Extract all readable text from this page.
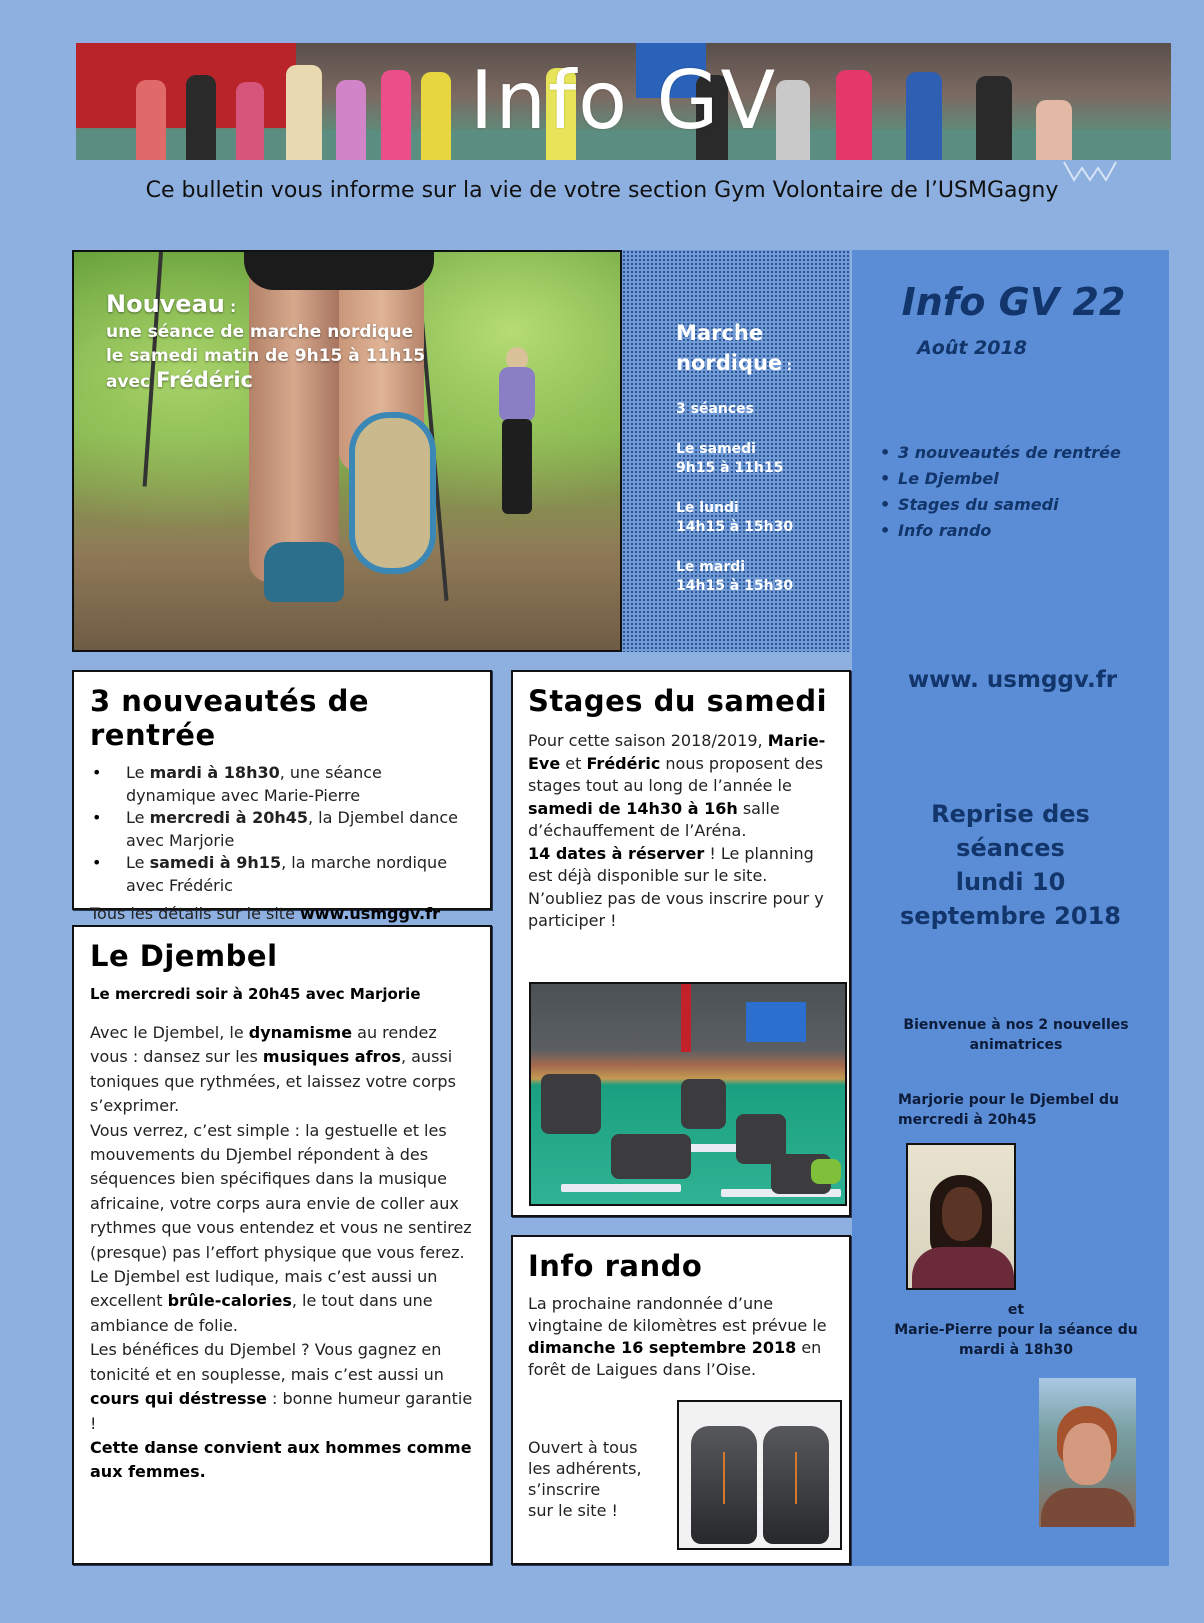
Info GV
Ce bulletin vous informe sur la vie de votre section Gym Volontaire de l’USMGagny
Nouveau :
une séance de marche nordique
le samedi matin de 9h15 à 11h15
avec Frédéric
Marche
nordique :
3 séances
Le samedi
9h15 à 11h15
Le lundi
14h15 à 15h30
Le mardi
14h15 à 15h30
Info GV 22
Août 2018
• 3 nouveautés de rentrée
• Le Djembel
• Stages du samedi
• Info rando
www. usmggv.fr
Reprise des
séances
lundi 10
septembre 2018
Bienvenue à nos 2 nouvelles animatrices
Marjorie pour le Djembel du mercredi à 20h45
et
Marie-Pierre pour la séance du mardi à 18h30
3 nouveautés de rentrée
• Le mardi à 18h30, une séance dynamique avec Marie-Pierre
• Le mercredi à 20h45, la Djembel dance avec Marjorie
• Le samedi à 9h15, la marche nordique avec Frédéric

Tous les détails sur le site www.usmggv.fr

Le Djembel
Le mercredi soir à 20h45 avec Marjorie

Avec le Djembel, le dynamisme au rendez vous : dansez sur les musiques afros, aussi toniques que rythmées, et laissez votre corps s’exprimer.

Vous verrez, c’est simple : la gestuelle et les mouvements du Djembel répondent à des séquences bien spécifiques dans la musique africaine, votre corps aura envie de coller aux rythmes que vous entendez et vous ne sentirez (presque) pas l’effort physique que vous ferez.

Le Djembel est ludique, mais c’est aussi un excellent brûle-calories, le tout dans une ambiance de folie.

Les bénéfices du Djembel ? Vous gagnez en tonicité et en souplesse, mais c’est aussi un cours qui déstresse : bonne humeur garantie !

Cette danse convient aux hommes comme aux femmes.

Stages du samedi

Pour cette saison 2018/2019, Marie-Eve et Frédéric nous proposent des stages tout au long de l’année le samedi de 14h30 à 16h salle d’échauffement de l’Aréna.

14 dates à réserver ! Le planning est déjà disponible sur le site. N’oubliez pas de vous inscrire pour y participer !

Info rando

La prochaine randonnée d’une vingtaine de kilomètres est prévue le dimanche 16 septembre 2018 en forêt de Laigues dans l’Oise.

Ouvert à tous
les adhérents,
s’inscrire
sur le site !
